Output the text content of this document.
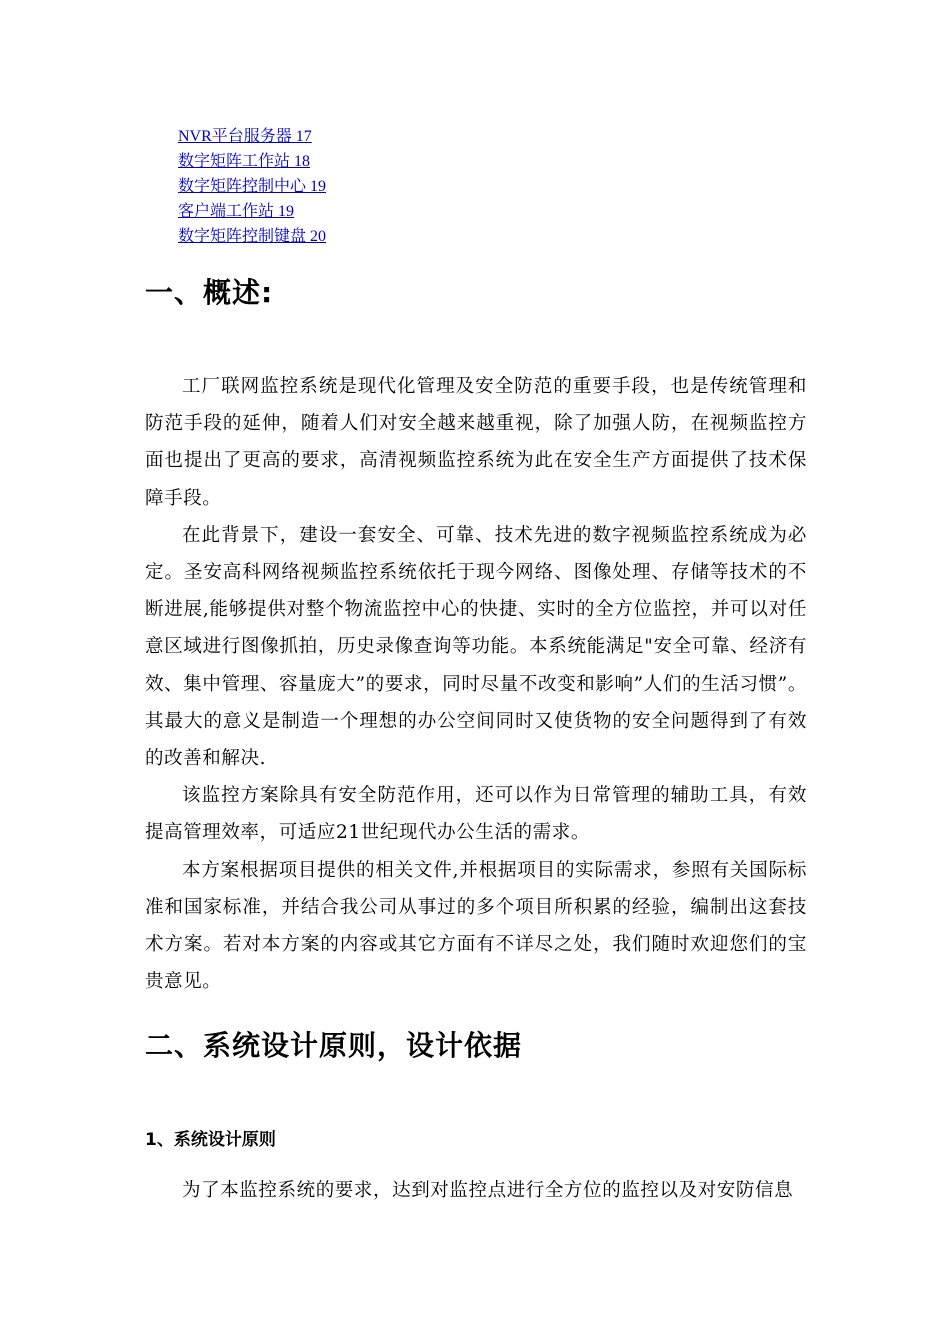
NVR平台服务器 17
数字矩阵工作站 18
数字矩阵控制中心 19
客户端工作站 19
数字矩阵控制键盘 20
一、概述:

工厂联网监控系统是现代化管理及安全防范的重要手段，也是传统管理和防范手段的延伸，随着人们对安全越来越重视，除了加强人防，在视频监控方面也提出了更高的要求，高清视频监控系统为此在安全生产方面提供了技术保障手段。

在此背景下，建设一套安全、可靠、技术先进的数字视频监控系统成为必定。圣安高科网络视频监控系统依托于现今网络、图像处理、存储等技术的不断进展,能够提供对整个物流监控中心的快捷、实时的全方位监控，并可以对任意区域进行图像抓拍，历史录像查询等功能。本系统能满足"安全可靠、经济有效、集中管理、容量庞大”的要求，同时尽量不改变和影响”人们的生活习惯”。其最大的意义是制造一个理想的办公空间同时又使货物的安全问题得到了有效的改善和解决.

该监控方案除具有安全防范作用，还可以作为日常管理的辅助工具，有效提高管理效率，可适应21世纪现代办公生活的需求。

本方案根据项目提供的相关文件,并根据项目的实际需求，参照有关国际标准和国家标准，并结合我公司从事过的多个项目所积累的经验，编制出这套技术方案。若对本方案的内容或其它方面有不详尽之处，我们随时欢迎您们的宝贵意见。

二、系统设计原则，设计依据
1、系统设计原则

为了本监控系统的要求，达到对监控点进行全方位的监控以及对安防信息
